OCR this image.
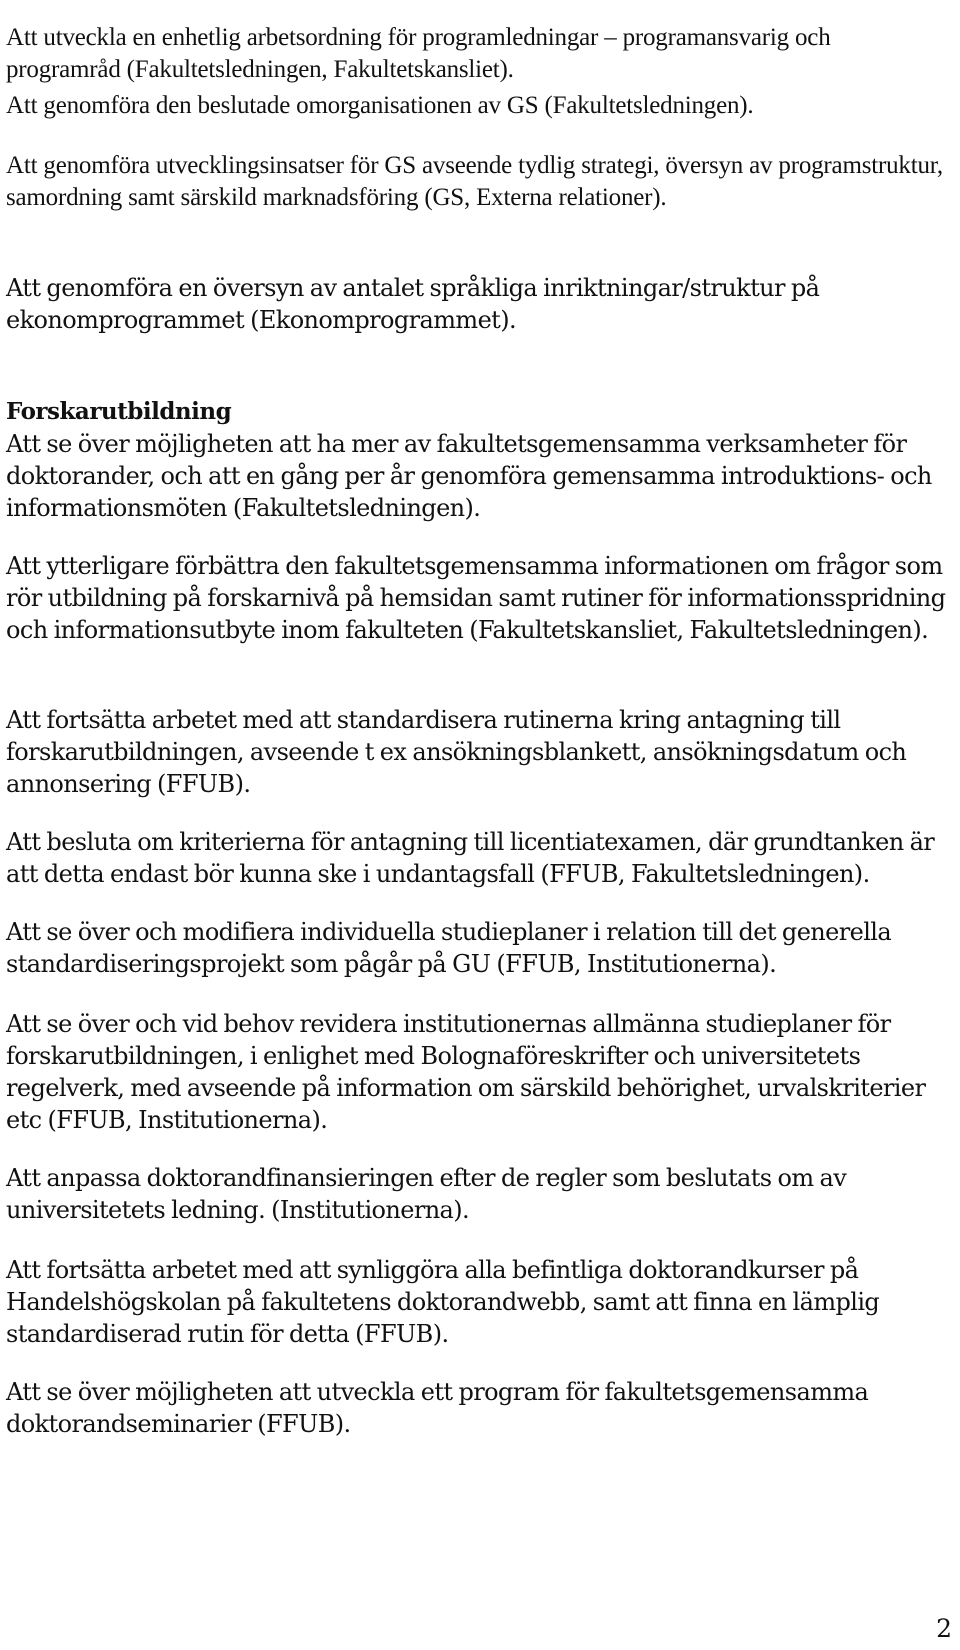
Att utveckla en enhetlig arbetsordning för programledningar – programansvarig och programråd (Fakultetsledningen, Fakultetskansliet).

Att genomföra den beslutade omorganisationen av GS (Fakultetsledningen).

Att genomföra utvecklingsinsatser för GS avseende tydlig strategi, översyn av programstruktur, samordning samt särskild marknadsföring (GS, Externa relationer).

Att genomföra en översyn av antalet språkliga inriktningar/struktur på ekonomprogrammet (Ekonomprogrammet).

Forskarutbildning

Att se över möjligheten att ha mer av fakultetsgemensamma verksamheter för doktorander, och att en gång per år genomföra gemensamma introduktions- och informationsmöten (Fakultetsledningen).

Att ytterligare förbättra den fakultetsgemensamma informationen om frågor som rör utbildning på forskarnivå på hemsidan samt rutiner för informationsspridning och informationsutbyte inom fakulteten (Fakultetskansliet, Fakultetsledningen).

Att fortsätta arbetet med att standardisera rutinerna kring antagning till forskarutbildningen, avseende t ex ansökningsblankett, ansökningsdatum och annonsering (FFUB).

Att besluta om kriterierna för antagning till licentiatexamen, där grundtanken är att detta endast bör kunna ske i undantagsfall (FFUB, Fakultetsledningen).

Att se över och modifiera individuella studieplaner i relation till det generella standardiseringsprojekt som pågår på GU (FFUB, Institutionerna).

Att se över och vid behov revidera institutionernas allmänna studieplaner för forskarutbildningen, i enlighet med Bolognaföreskrifter och universitetets regelverk, med avseende på information om särskild behörighet, urvalskriterier etc (FFUB, Institutionerna).

Att anpassa doktorandfinansieringen efter de regler som beslutats om av universitetets ledning. (Institutionerna).

Att fortsätta arbetet med att synliggöra alla befintliga doktorandkurser på Handelshögskolan på fakultetens doktorandwebb, samt att finna en lämplig standardiserad rutin för detta (FFUB).

Att se över möjligheten att utveckla ett program för fakultetsgemensamma doktorandseminarier (FFUB).

2
